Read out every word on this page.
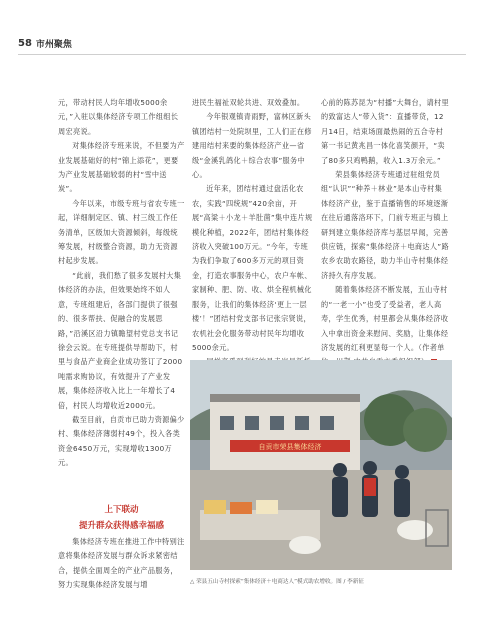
58 市州聚焦

元，带动村民人均年增收5000余元，”入驻以集体经济专项工作组组长周宏亮说。

对集体经济专班来说，不但要为产业发展基础好的村“锦上添花”，更要为产业发展基础较弱的村“雪中送炭”。

今年以来，市级专班与省农专班一起，详细制定区、镇、村三级工作任务清单，区级加大资源倾斜，每级统筹发展，村级整合资源，助力无资源村起步发展。

“此前，我们愁了很多发展村大集体经济的办法，但效果始终不如人意，专班组建后，各部门提供了很强的、很多帮扶、促融合的发展思路，”沿溪区沿力镇瞻望村党总支书记徐会云说。在专班提供导帮助下，村里与食品产业商企业成功签订了2000吨需求购协议，有效提升了产业发展，集体经济收入比上一年增长了4倍，村民人均增收近2000元。

截至目前，自贡市已助力资源偏少村、集体经济薄弱村49个，投入各类资金6450万元，实现增收1300万元。

上下联动
提升群众获得感幸福感

集体经济专班在推进工作中特别注意将集体经济发展与群众诉求紧密结合，提供全面周全的产业产品服务，努力实现集体经济发展与增

进民生福祉双轮共进、双效叠加。

今年银观镇青雨野，富林区新头镇团结村一处院坝里，工人们正在修建用结村来要的集体经济产业—省级“金溪乳鸽化＋综合农事”服务中心。

近年来，团结村通过盘活化农农，实践“四统规”420余亩，开展“高粱＋小龙＋羊肚菌”集中连片规模化种植，2022年，团结村集体经济收入突破100万元。“今年，专班为我们争取了600多万元的项目资金，打造农事服务中心，农户车帐、家制种、肥、防、收、烘全程机械化服务，让我们的集体经济‘更上一层楼’！”团结村党支部书记张宗贤说，农机社会化服务带动村民年均增收5000余元。

心前的陈苏昆为“村播”大舞台，请村里的致富达人“带入货”：直播带货，12月14日，结束场面最热闹的五合寺村第一书记黄兆昌一体化喜笑颜开，“卖了80多只鸡鸭鹅，收入1.3万余元。”

荣县集体经济专班通过驻组党员组“认识”“种养＋林业”是本山寺村集体经济产业，鉴于直播销售的环境逐渐在往后通落洛环下，门前专班正与镇上研判建立集体经济库与基层早闻，完善供应链，探索“集体经济＋电商达人”路农乡农助农路径，助力半山寺村集体经济持久有序发展。

随着集体经济不断发展，五山寺村的“一老一小”也受了受益者，老人高寿，学生优秀，村里都会从集体经济收入中拿出资金来慰问、奖励，让集体经济发展的红利更显每一个人。（作者单

自贡市荣县集体经济
△ 荣县五山寺村探索“集体经济＋电商达人”模式助农增收。图 / 李新征
